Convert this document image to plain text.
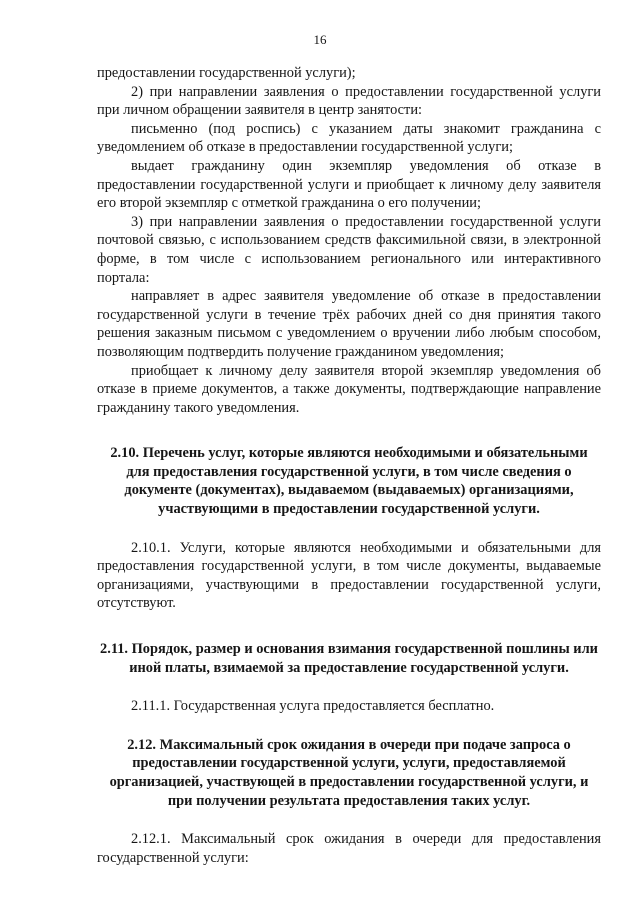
16

предоставлении государственной услуги);

2) при направлении заявления о предоставлении государственной услуги при личном обращении заявителя в центр занятости:

письменно (под роспись) с указанием даты знакомит гражданина с уведомлением об отказе в предоставлении государственной услуги;

выдает гражданину один экземпляр уведомления об отказе в предоставлении государственной услуги и приобщает к личному делу заявителя его второй экземпляр с отметкой гражданина о его получении;

3) при направлении заявления о предоставлении государственной услуги почтовой связью, с использованием средств факсимильной связи, в электронной форме, в том числе с использованием регионального или интерактивного портала:

направляет в адрес заявителя уведомление об отказе в предоставлении государственной услуги в течение трёх рабочих дней со дня принятия такого решения заказным письмом с уведомлением о вручении либо любым способом, позволяющим подтвердить получение гражданином уведомления;

приобщает к личному делу заявителя второй экземпляр уведомления об отказе в приеме документов, а также документы, подтверждающие направление гражданину такого уведомления.

2.10. Перечень услуг, которые являются необходимыми и обязательными для предоставления государственной услуги, в том числе сведения о документе (документах), выдаваемом (выдаваемых) организациями, участвующими в предоставлении государственной услуги.

2.10.1. Услуги, которые являются необходимыми и обязательными для предоставления государственной услуги, в том числе документы, выдаваемые организациями, участвующими в предоставлении государственной услуги, отсутствуют.

2.11. Порядок, размер и основания взимания государственной пошлины или иной платы, взимаемой за предоставление государственной услуги.

2.11.1. Государственная услуга предоставляется бесплатно.

2.12. Максимальный срок ожидания в очереди при подаче запроса о предоставлении государственной услуги, услуги, предоставляемой организацией, участвующей в предоставлении государственной услуги, и при получении результата предоставления таких услуг.

2.12.1. Максимальный срок ожидания в очереди для предоставления государственной услуги:
